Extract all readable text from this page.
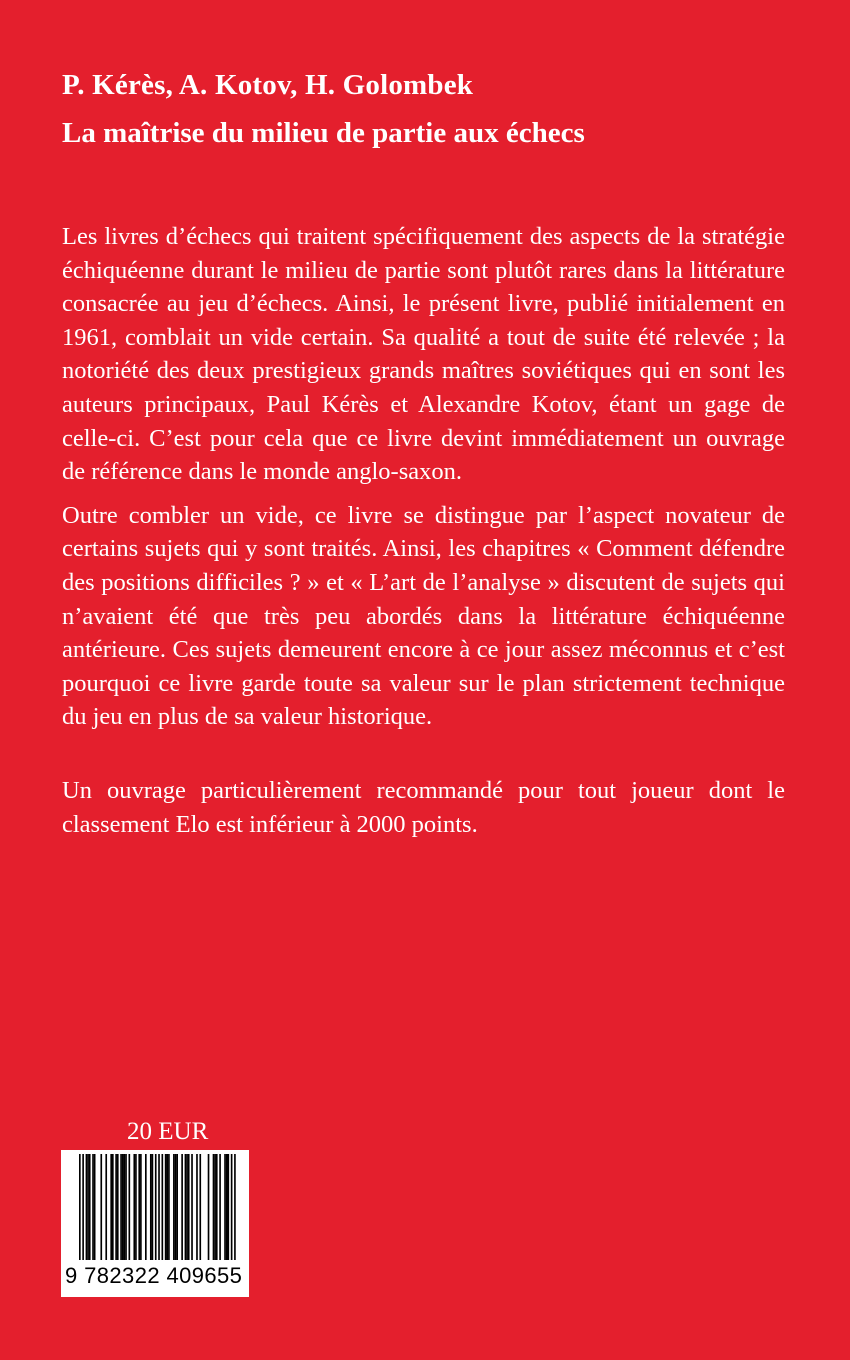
P. Kérès, A. Kotov, H. Golombek
La maîtrise du milieu de partie aux échecs

Les livres d’échecs qui traitent spécifiquement des aspects de la stratégie échiquéenne durant le milieu de partie sont plutôt rares dans la littérature consacrée au jeu d’échecs. Ainsi, le présent livre, publié initialement en 1961, comblait un vide certain. Sa qualité a tout de suite été relevée ; la notoriété des deux prestigieux grands maîtres soviétiques qui en sont les auteurs principaux, Paul Kérès et Alexandre Kotov, étant un gage de celle-ci. C’est pour cela que ce livre devint immédiatement un ouvrage de référence dans le monde anglo-saxon.

Outre combler un vide, ce livre se distingue par l’aspect novateur de certains sujets qui y sont traités. Ainsi, les chapitres « Comment défendre des positions difficiles ? » et « L’art de l’analyse » discutent de sujets qui n’avaient été que très peu abordés dans la littérature échiquéenne antérieure. Ces sujets demeurent encore à ce jour assez méconnus et c’est pourquoi ce livre garde toute sa valeur sur le plan strictement technique du jeu en plus de sa valeur historique.

Un ouvrage particulièrement recommandé pour tout joueur dont le classement Elo est inférieur à 2000 points.

20 EUR
9 782322 409655
